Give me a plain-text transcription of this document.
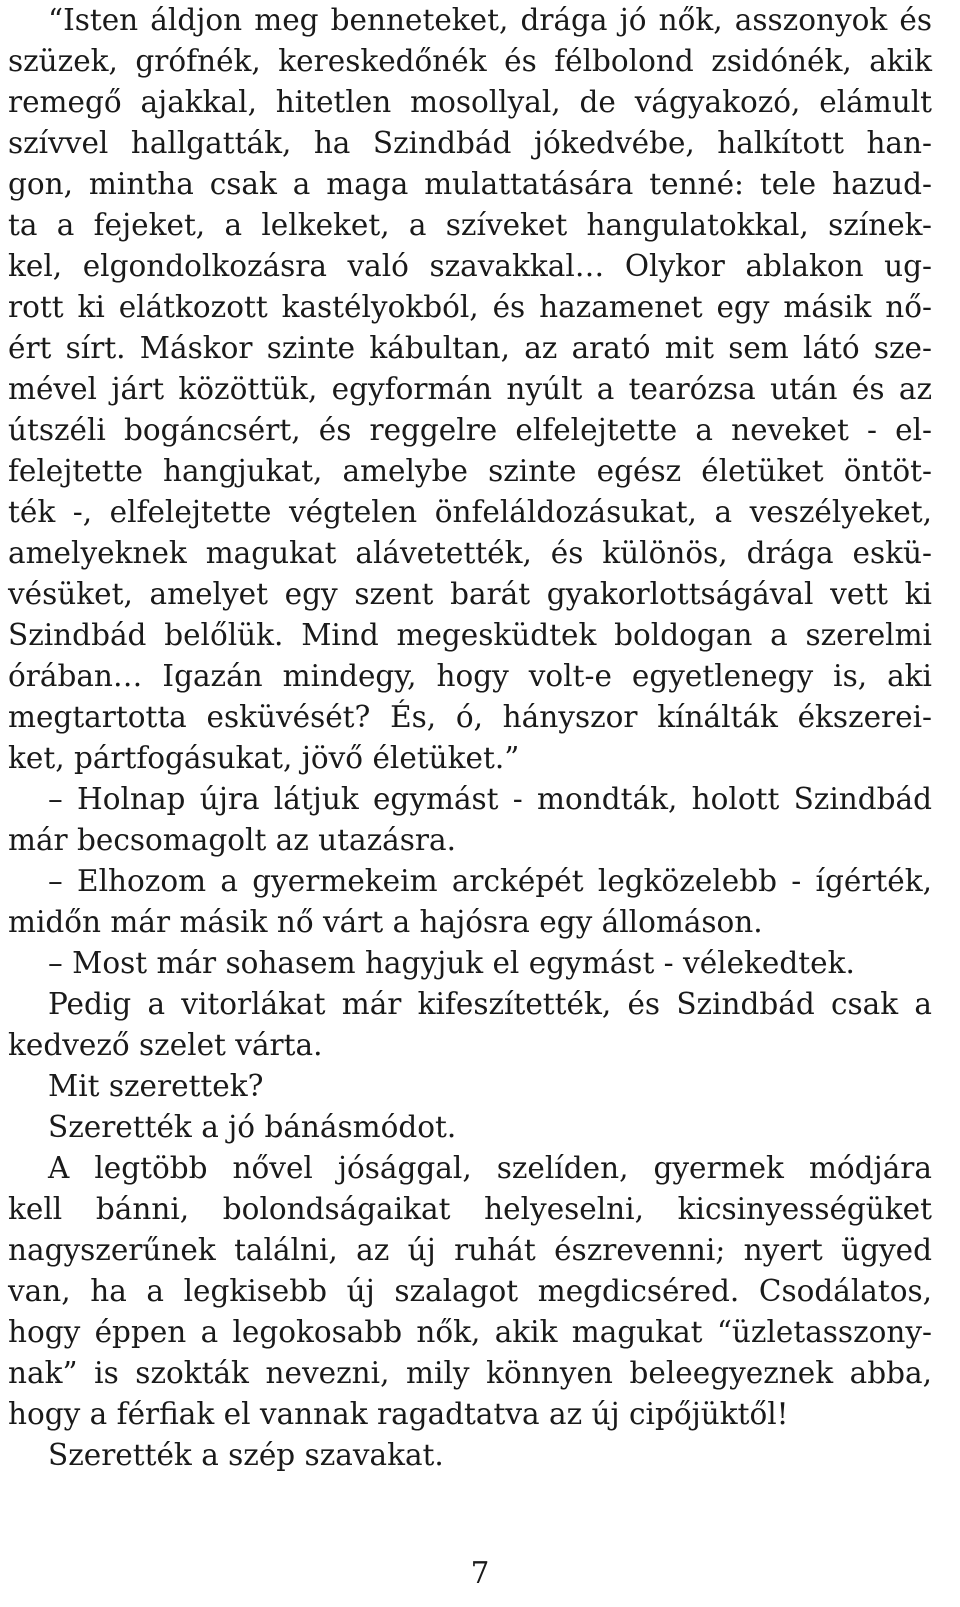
“Isten áldjon meg benneteket, drága jó nők, asszonyok és
szüzek, grófnék, kereskedőnék és félbolond zsidónék, akik
remegő ajakkal, hitetlen mosollyal, de vágyakozó, elámult
szívvel hallgatták, ha Szindbád jókedvébe, halkított han-
gon, mintha csak a maga mulattatására tenné: tele hazud-
ta a fejeket, a lelkeket, a szíveket hangulatokkal, színek-
kel, elgondolkozásra való szavakkal… Olykor ablakon ug-
rott ki elátkozott kastélyokból, és hazamenet egy másik nő-
ért sírt. Máskor szinte kábultan, az arató mit sem látó sze-
mével járt közöttük, egyformán nyúlt a tearózsa után és az
útszéli bogáncsért, és reggelre elfelejtette a neveket - el-
felejtette hangjukat, amelybe szinte egész életüket öntöt-
ték -, elfelejtette végtelen önfeláldozásukat, a veszélyeket,
amelyeknek magukat alávetették, és különös, drága eskü-
vésüket, amelyet egy szent barát gyakorlottságával vett ki
Szindbád belőlük. Mind megesküdtek boldogan a szerelmi
órában… Igazán mindegy, hogy volt-e egyetlenegy is, aki
megtartotta esküvését? És, ó, hányszor kínálták ékszerei-
ket, pártfogásukat, jövő életüket.”
– Holnap újra látjuk egymást - mondták, holott Szindbád
már becsomagolt az utazásra.
– Elhozom a gyermekeim arcképét legközelebb - ígérték,
midőn már másik nő várt a hajósra egy állomáson.
– Most már sohasem hagyjuk el egymást - vélekedtek.
Pedig a vitorlákat már kifeszítették, és Szindbád csak a
kedvező szelet várta.
Mit szerettek?
Szerették a jó bánásmódot.
A legtöbb nővel jósággal, szelíden, gyermek módjára
kell bánni, bolondságaikat helyeselni, kicsinyességüket
nagyszerűnek találni, az új ruhát észrevenni; nyert ügyed
van, ha a legkisebb új szalagot megdicséred. Csodálatos,
hogy éppen a legokosabb nők, akik magukat “üzletasszony-
nak” is szokták nevezni, mily könnyen beleegyeznek abba,
hogy a férfiak el vannak ragadtatva az új cipőjüktől!
Szerették a szép szavakat.
7
